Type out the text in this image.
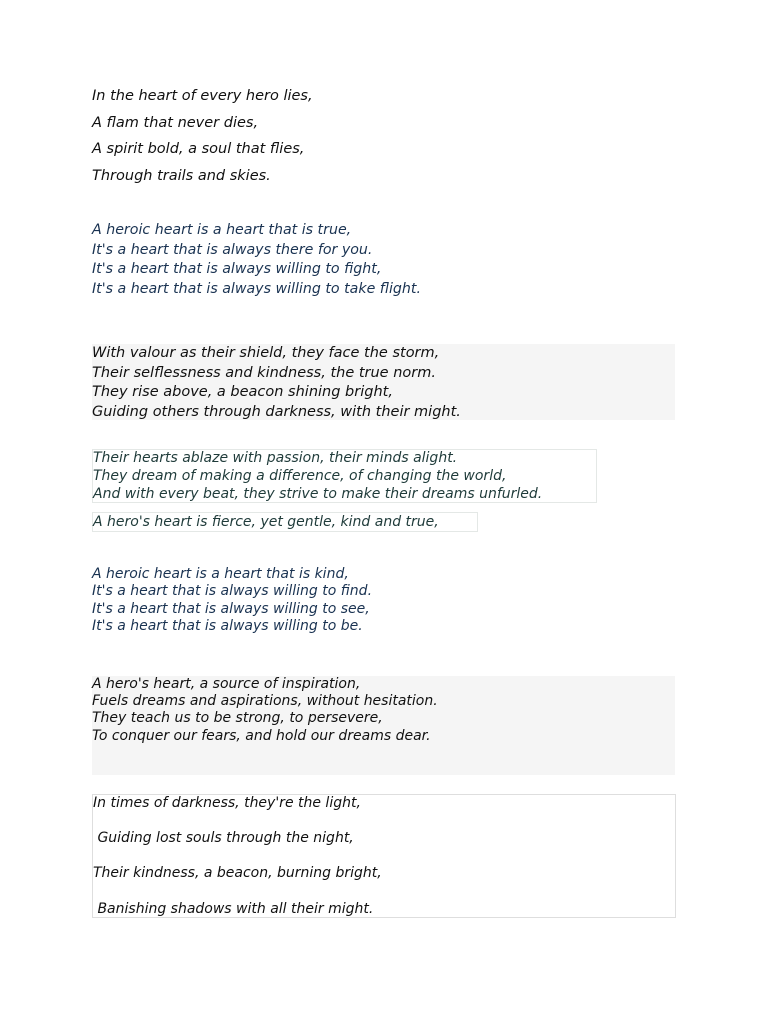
In the heart of every hero lies,
A flam that never dies,
A spirit bold, a soul that flies,
Through trails and skies.
A heroic heart is a heart that is true,
It's a heart that is always there for you.
It's a heart that is always willing to fight,
It's a heart that is always willing to take flight.
With valour as their shield, they face the storm,
Their selflessness and kindness, the true norm.
They rise above, a beacon shining bright,
Guiding others through darkness, with their might.
Their hearts ablaze with passion, their minds alight.
They dream of making a difference, of changing the world,
And with every beat, they strive to make their dreams unfurled.
A hero's heart is fierce, yet gentle, kind and true,
A heroic heart is a heart that is kind,
It's a heart that is always willing to find.
It's a heart that is always willing to see,
It's a heart that is always willing to be.
A hero's heart, a source of inspiration,
Fuels dreams and aspirations, without hesitation.
They teach us to be strong, to persevere,
To conquer our fears, and hold our dreams dear.
In times of darkness, they're the light,
Guiding lost souls through the night,
Their kindness, a beacon, burning bright,
Banishing shadows with all their might.
